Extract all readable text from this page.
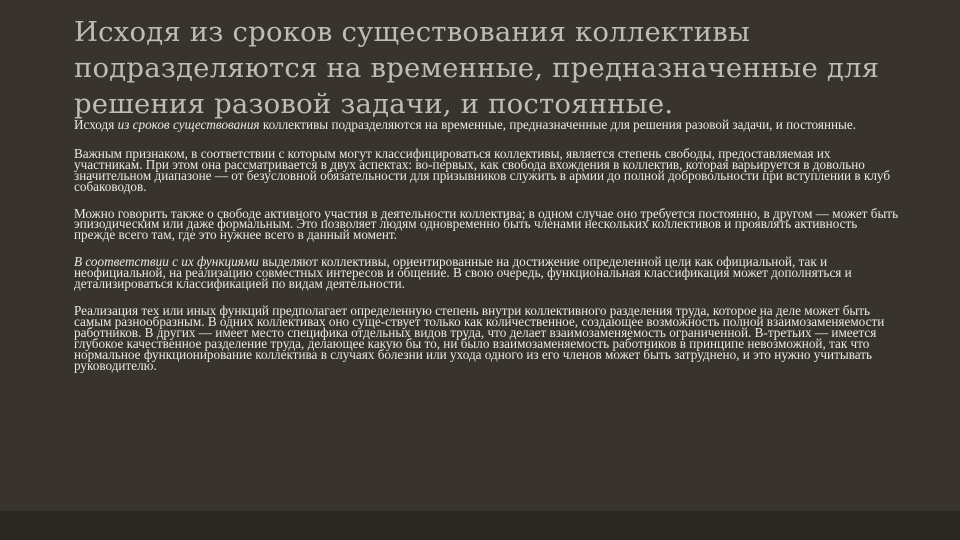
Исходя из сроков существования коллективы подразделяются на временные, предназначенные для решения разовой задачи, и постоянные.

Исходя из сроков существования коллективы подразделяются на временные, предназначенные для решения разовой задачи, и постоянные.

Важным признаком, в соответствии с которым могут классифицироваться коллективы, является степень свободы, предоставляемая их участникам. При этом она рассматривается в двух аспектах: во-первых, как свобода вхождения в коллектив, которая варьируется в довольно значительном диапазоне — от безусловной обязательности для призывников служить в армии до полной добровольности при вступлении в клуб собаководов.

Можно говорить также о свободе активного участия в деятельности коллектива; в одном случае оно требуется постоянно, в другом — может быть эпизодическим или даже формальным. Это позволяет людям одновременно быть членами нескольких коллективов и проявлять активность прежде всего там, где это нужнее всего в данный момент.

В соответствии с их функциями выделяют коллективы, ориентированные на достижение определенной цели как официальной, так и неофициальной, на реализацию совместных интересов и общение. В свою очередь, функциональная классификация может дополняться и детализироваться классификацией по видам деятельности.

Реализация тех или иных функций предполагает определенную степень внутри коллективного разделения труда, которое на деле может быть самым разнообразным. В одних коллективах оно суще-ствует только как количественное, создающее возможность полной взаимозаменяемости работников. В других — имеет место специфика отдельных видов труда, что делает взаимозаменяемость ограниченной. В-третьих — имеется глубокое качественное разделение труда, делающее какую бы то, ни было взаимозаменяемость работников в принципе невозможной, так что нормальное функционирование коллектива в случаях болезни или ухода одного из его членов может быть затруднено, и это нужно учитывать руководителю.
